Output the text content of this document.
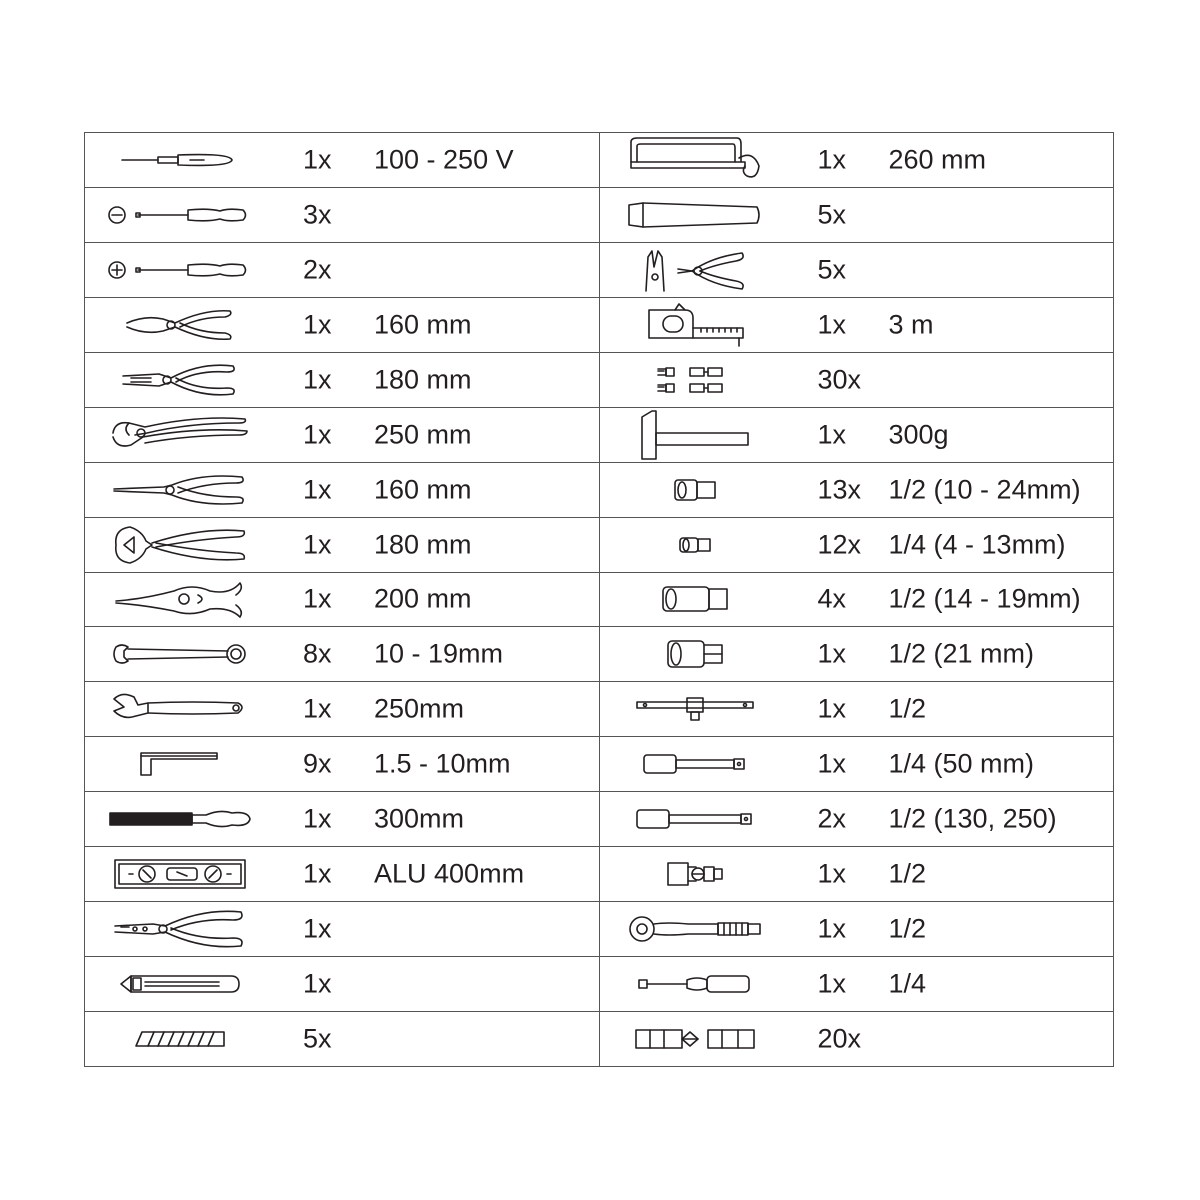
1x 100 - 250 V
3x
2x
1x 160 mm
1x 180 mm
1x 250 mm
1x 160 mm
1x 180 mm
1x 200 mm
8x 10 - 19mm
1x 250mm
9x 1.5 - 10mm
1x 300mm
1x ALU 400mm
1x
1x
5x
1x 260 mm
5x
5x
1x 3 m
30x
1x 300g
13x 1/2 (10 - 24mm)
12x 1/4 (4 - 13mm)
4x 1/2 (14 - 19mm)
1x 1/2 (21 mm)
1x 1/2
1x 1/4 (50 mm)
2x 1/2 (130, 250)
1x 1/2
1x 1/2
1x 1/4
20x
